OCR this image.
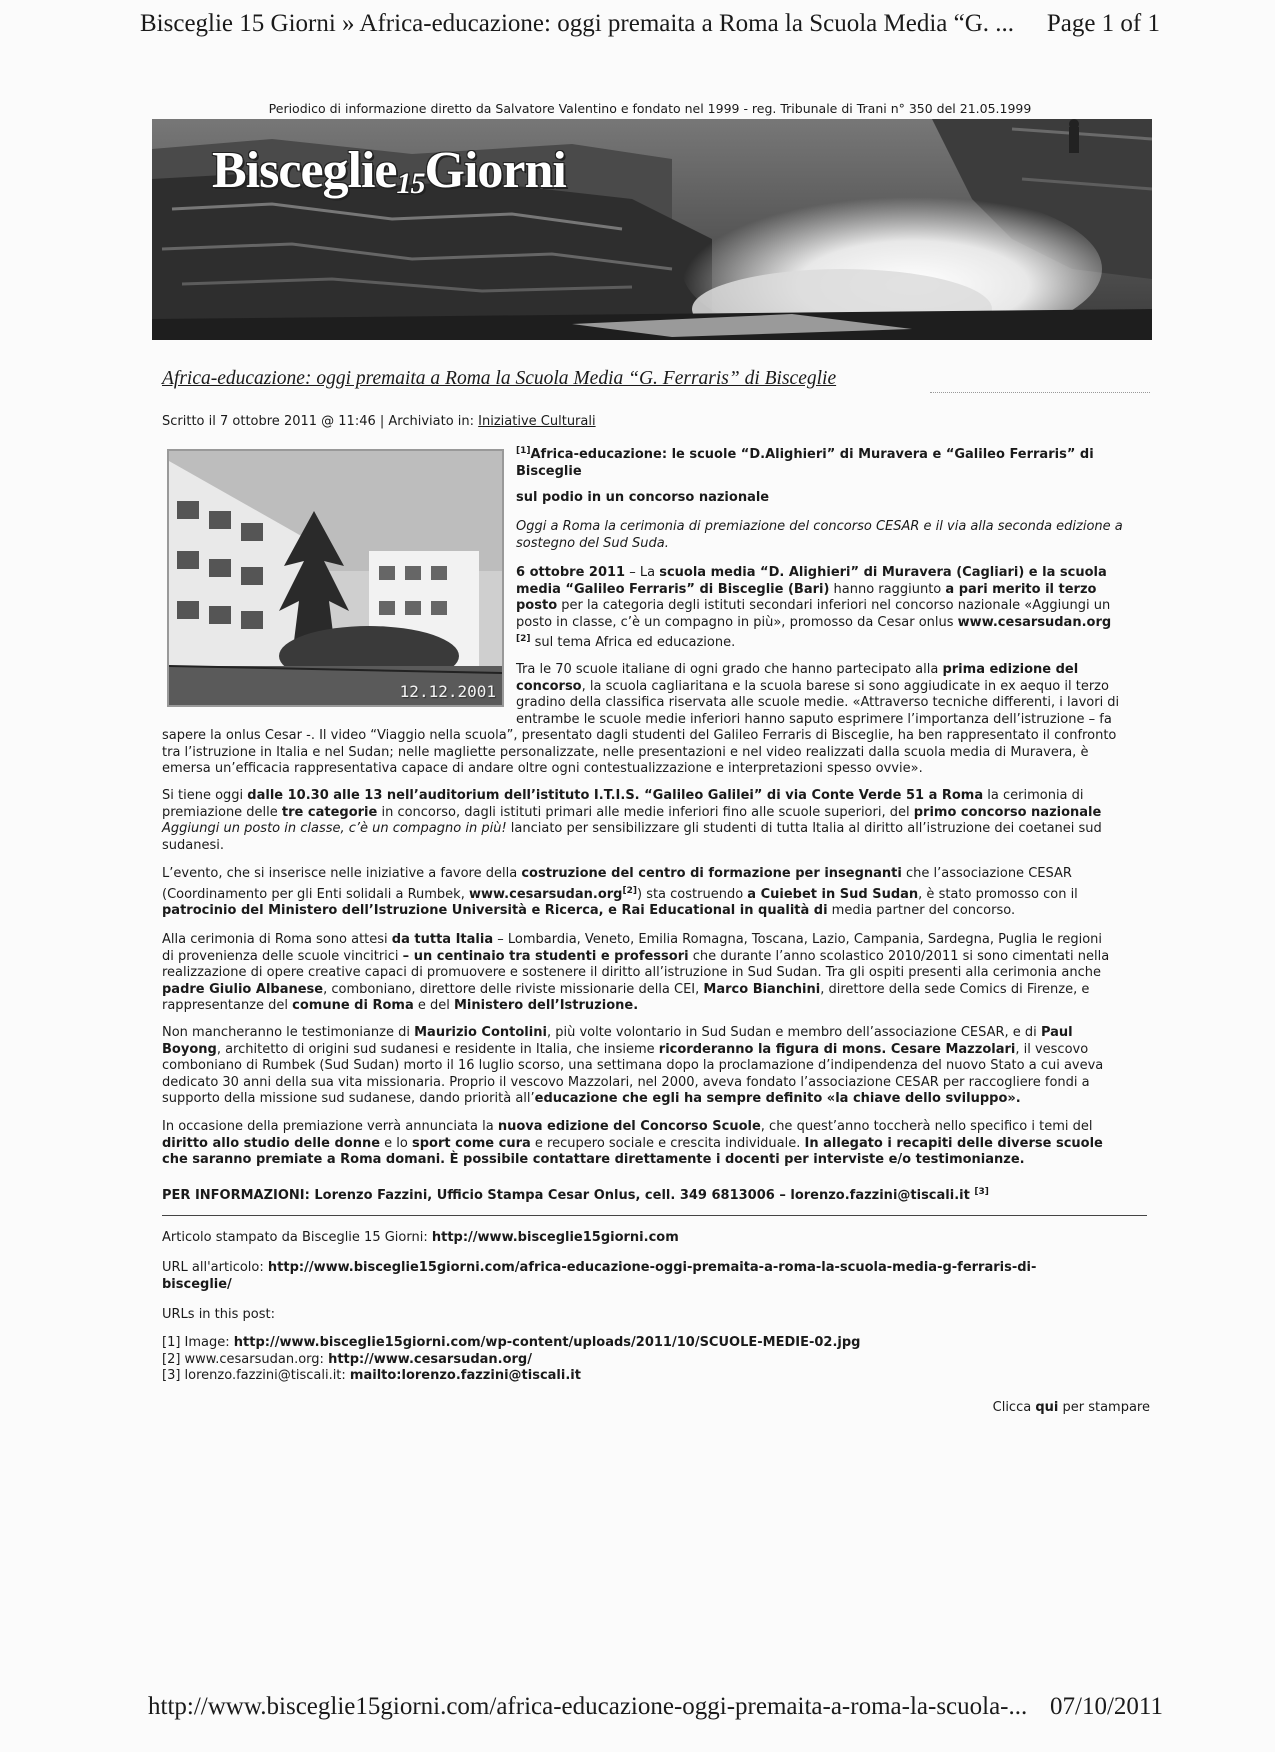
Bisceglie 15 Giorni » Africa-educazione: oggi premaita a Roma la Scuola Media “G. ... Page 1 of 1
Periodico di informazione diretto da Salvatore Valentino e fondato nel 1999 - reg. Tribunale di Trani n° 350 del 21.05.1999
Bisceglie15Giorni
Africa-educazione: oggi premaita a Roma la Scuola Media “G. Ferraris” di Bisceglie
Scritto il 7 ottobre 2011 @ 11:46 | Archiviato in: Iniziative Culturali
12.12.2001
[1]Africa-educazione: le scuole “D.Alighieri” di Muravera e “Galileo Ferraris” di
Bisceglie
sul podio in un concorso nazionale
Oggi a Roma la cerimonia di premiazione del concorso CESAR e il via alla seconda edizione a
sostegno del Sud Suda.
6 ottobre 2011 – La scuola media “D. Alighieri” di Muravera (Cagliari) e la scuola
media “Galileo Ferraris” di Bisceglie (Bari) hanno raggiunto a pari merito il terzo
posto per la categoria degli istituti secondari inferiori nel concorso nazionale «Aggiungi un
posto in classe, c’è un compagno in più», promosso da Cesar onlus www.cesarsudan.org
[2] sul tema Africa ed educazione.
Tra le 70 scuole italiane di ogni grado che hanno partecipato alla prima edizione del
concorso, la scuola cagliaritana e la scuola barese si sono aggiudicate in ex aequo il terzo
gradino della classifica riservata alle scuole medie. «Attraverso tecniche differenti, i lavori di
entrambe le scuole medie inferiori hanno saputo esprimere l’importanza dell’istruzione – fa
sapere la onlus Cesar -. Il video “Viaggio nella scuola”, presentato dagli studenti del Galileo Ferraris di Bisceglie, ha ben rappresentato il confronto
tra l’istruzione in Italia e nel Sudan; nelle magliette personalizzate, nelle presentazioni e nel video realizzati dalla scuola media di Muravera, è
emersa un’efficacia rappresentativa capace di andare oltre ogni contestualizzazione e interpretazioni spesso ovvie».
Si tiene oggi dalle 10.30 alle 13 nell’auditorium dell’istituto I.T.I.S. “Galileo Galilei” di via Conte Verde 51 a Roma la cerimonia di
premiazione delle tre categorie in concorso, dagli istituti primari alle medie inferiori fino alle scuole superiori, del primo concorso nazionale
Aggiungi un posto in classe, c’è un compagno in più! lanciato per sensibilizzare gli studenti di tutta Italia al diritto all’istruzione dei coetanei sud
sudanesi.
L’evento, che si inserisce nelle iniziative a favore della costruzione del centro di formazione per insegnanti che l’associazione CESAR
(Coordinamento per gli Enti solidali a Rumbek, www.cesarsudan.org[2]) sta costruendo a Cuiebet in Sud Sudan, è stato promosso con il
patrocinio del Ministero dell’Istruzione Università e Ricerca, e Rai Educational in qualità di media partner del concorso.
Alla cerimonia di Roma sono attesi da tutta Italia – Lombardia, Veneto, Emilia Romagna, Toscana, Lazio, Campania, Sardegna, Puglia le regioni
di provenienza delle scuole vincitrici – un centinaio tra studenti e professori che durante l’anno scolastico 2010/2011 si sono cimentati nella
realizzazione di opere creative capaci di promuovere e sostenere il diritto all’istruzione in Sud Sudan. Tra gli ospiti presenti alla cerimonia anche
padre Giulio Albanese, comboniano, direttore delle riviste missionarie della CEI, Marco Bianchini, direttore della sede Comics di Firenze, e
rappresentanze del comune di Roma e del Ministero dell’Istruzione.
Non mancheranno le testimonianze di Maurizio Contolini, più volte volontario in Sud Sudan e membro dell’associazione CESAR, e di Paul
Boyong, architetto di origini sud sudanesi e residente in Italia, che insieme ricorderanno la figura di mons. Cesare Mazzolari, il vescovo
comboniano di Rumbek (Sud Sudan) morto il 16 luglio scorso, una settimana dopo la proclamazione d’indipendenza del nuovo Stato a cui aveva
dedicato 30 anni della sua vita missionaria. Proprio il vescovo Mazzolari, nel 2000, aveva fondato l’associazione CESAR per raccogliere fondi a
supporto della missione sud sudanese, dando priorità all’educazione che egli ha sempre definito «la chiave dello sviluppo».
In occasione della premiazione verrà annunciata la nuova edizione del Concorso Scuole, che quest’anno toccherà nello specifico i temi del
diritto allo studio delle donne e lo sport come cura e recupero sociale e crescita individuale. In allegato i recapiti delle diverse scuole
che saranno premiate a Roma domani. È possibile contattare direttamente i docenti per interviste e/o testimonianze.
PER INFORMAZIONI: Lorenzo Fazzini, Ufficio Stampa Cesar Onlus, cell. 349 6813006 – lorenzo.fazzini@tiscali.it [3]
Articolo stampato da Bisceglie 15 Giorni: http://www.bisceglie15giorni.com
URL all'articolo: http://www.bisceglie15giorni.com/africa-educazione-oggi-premaita-a-roma-la-scuola-media-g-ferraris-di-
bisceglie/
URLs in this post:
[1] Image: http://www.bisceglie15giorni.com/wp-content/uploads/2011/10/SCUOLE-MEDIE-02.jpg
[2] www.cesarsudan.org: http://www.cesarsudan.org/
[3] lorenzo.fazzini@tiscali.it: mailto:lorenzo.fazzini@tiscali.it
Clicca qui per stampare
http://www.bisceglie15giorni.com/africa-educazione-oggi-premaita-a-roma-la-scuola-... 07/10/2011
